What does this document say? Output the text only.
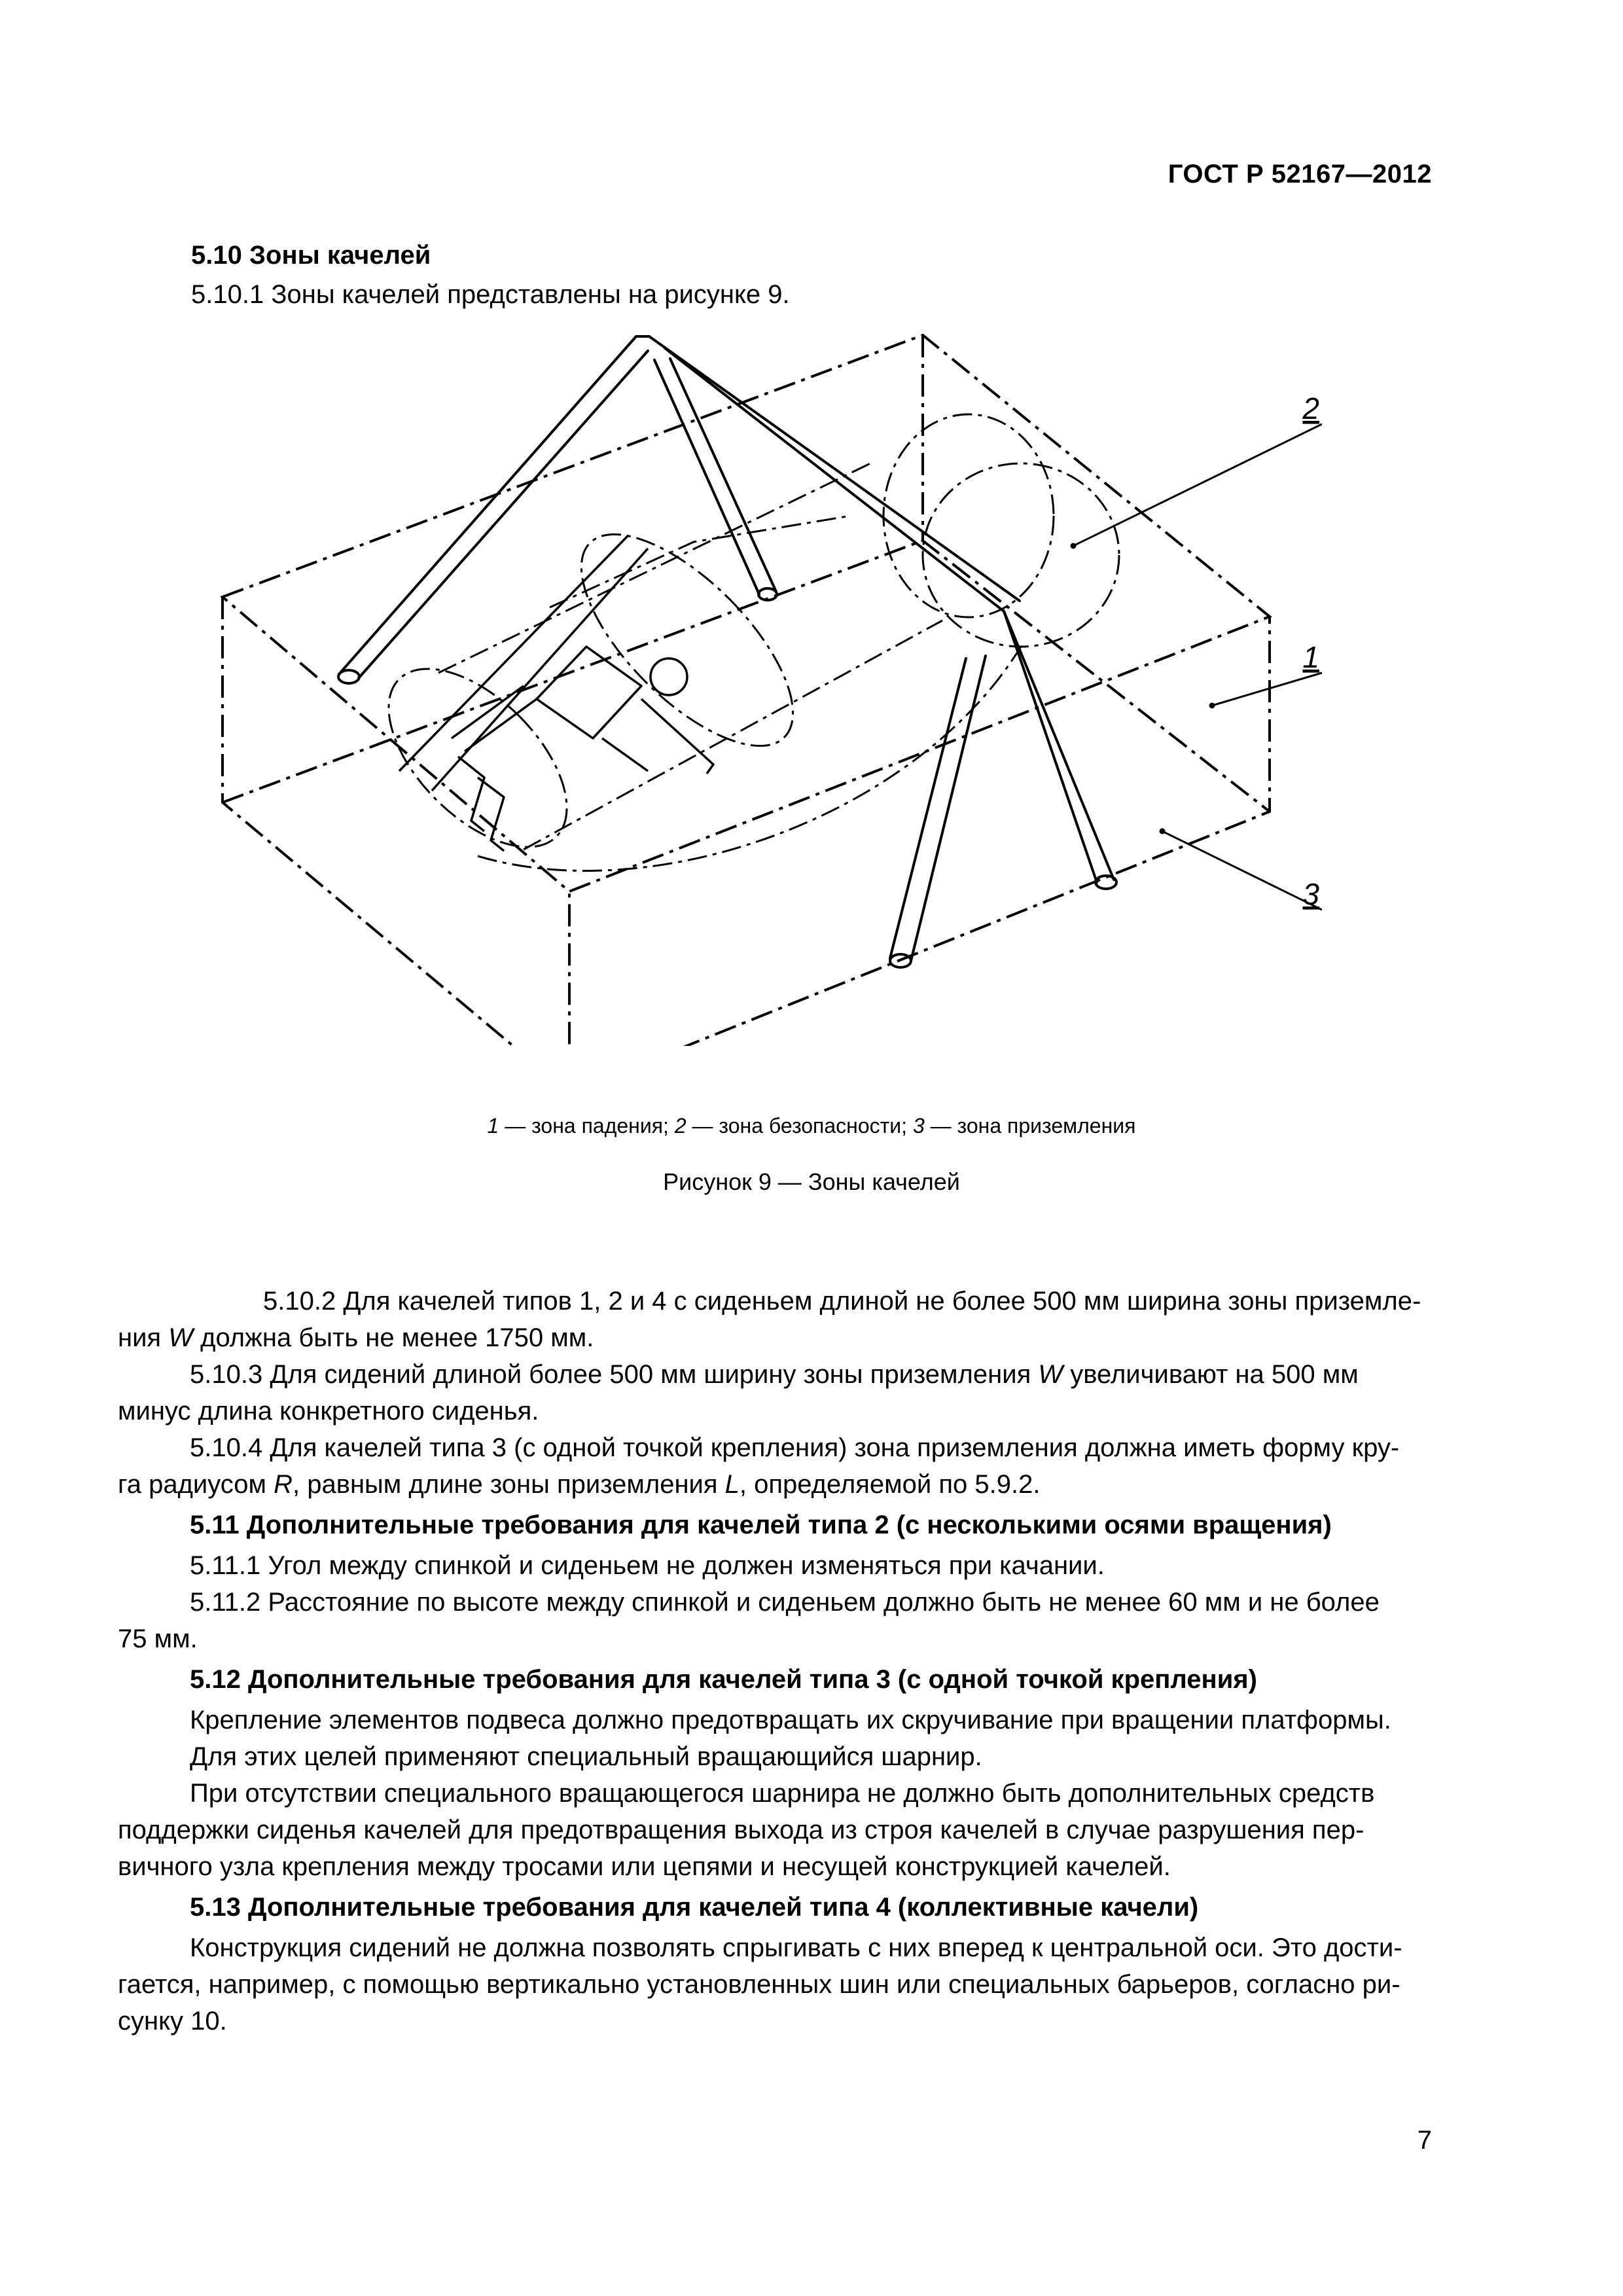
ГОСТ Р 52167—2012
5.10 Зоны качелей
5.10.1 Зоны качелей представлены на рисунке 9.
2
1
3
1 — зона падения; 2 — зона безопасности; 3 — зона приземления
Рисунок 9 — Зоны качелей
5.10.2 Для качелей типов 1, 2 и 4 с сиденьем длиной не более 500 мм ширина зоны приземле-
ния W должна быть не менее 1750 мм.
5.10.3 Для сидений длиной более 500 мм ширину зоны приземления W увеличивают на 500 мм
минус длина конкретного сиденья.
5.10.4 Для качелей типа 3 (с одной точкой крепления) зона приземления должна иметь форму кру-
га радиусом R, равным длине зоны приземления L, определяемой по 5.9.2.
5.11 Дополнительные требования для качелей типа 2 (с несколькими осями вращения)
5.11.1 Угол между спинкой и сиденьем не должен изменяться при качании.
5.11.2 Расстояние по высоте между спинкой и сиденьем должно быть не менее 60 мм и не более
75 мм.
5.12 Дополнительные требования для качелей типа 3 (с одной точкой крепления)
Крепление элементов подвеса должно предотвращать их скручивание при вращении платформы.
Для этих целей применяют специальный вращающийся шарнир.
При отсутствии специального вращающегося шарнира не должно быть дополнительных средств
поддержки сиденья качелей для предотвращения выхода из строя качелей в случае разрушения пер-
вичного узла крепления между тросами или цепями и несущей конструкцией качелей.
5.13 Дополнительные требования для качелей типа 4 (коллективные качели)
Конструкция сидений не должна позволять спрыгивать с них вперед к центральной оси. Это дости-
гается, например, с помощью вертикально установленных шин или специальных барьеров, согласно ри-
сунку 10.
7
